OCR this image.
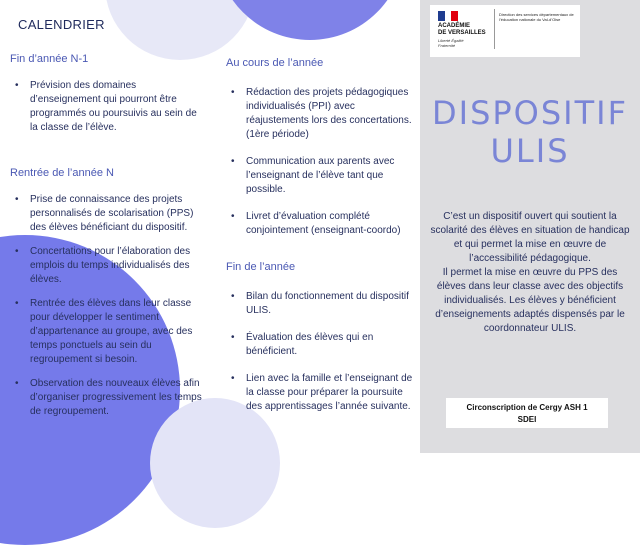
CALENDRIER
Fin d’année N-1
• Prévision des domaines d’enseignement qui pourront être programmés ou poursuivis au sein de la classe de l’élève.
Rentrée de l’année N
• Prise de connaissance des projets personnalisés de scolarisation (PPS) des élèves bénéficiant du dispositif.
• Concertations pour l’élaboration des emplois du temps individualisés des élèves.
• Rentrée des élèves dans leur classe pour développer le sentiment d’appartenance au groupe, avec des temps ponctuels au sein du regroupement si besoin.
• Observation des nouveaux élèves afin d’organiser progressivement les temps de regroupement.
Au cours de l’année
• Rédaction des projets pédagogiques individualisés (PPI) avec réajustements lors des concertations. (1ère période)
• Communication aux parents avec l’enseignant de l’élève tant que possible.
• Livret d’évaluation complété conjointement (enseignant-coordo)
Fin de l’année
• Bilan du fonctionnement du dispositif ULIS.
• Évaluation des élèves qui en bénéficient.
• Lien avec la famille et l’enseignant de la classe pour préparer la poursuite des apprentissages l’année suivante.
ACADÉMIE
DE VERSAILLES
Liberté Égalité Fraternité
Direction des services départementaux de l’éducation nationale du Val-d’Oise
DISPOSITIF
ULIS
C’est un dispositif ouvert qui soutient la scolarité des élèves en situation de handicap et qui permet la mise en œuvre de l’accessibilité pédagogique.
Il permet la mise en œuvre du PPS des élèves dans leur classe avec des objectifs individualisés. Les élèves y bénéficient d’enseignements adaptés dispensés par le coordonnateur ULIS.
Circonscription de Cergy ASH 1
SDEI
